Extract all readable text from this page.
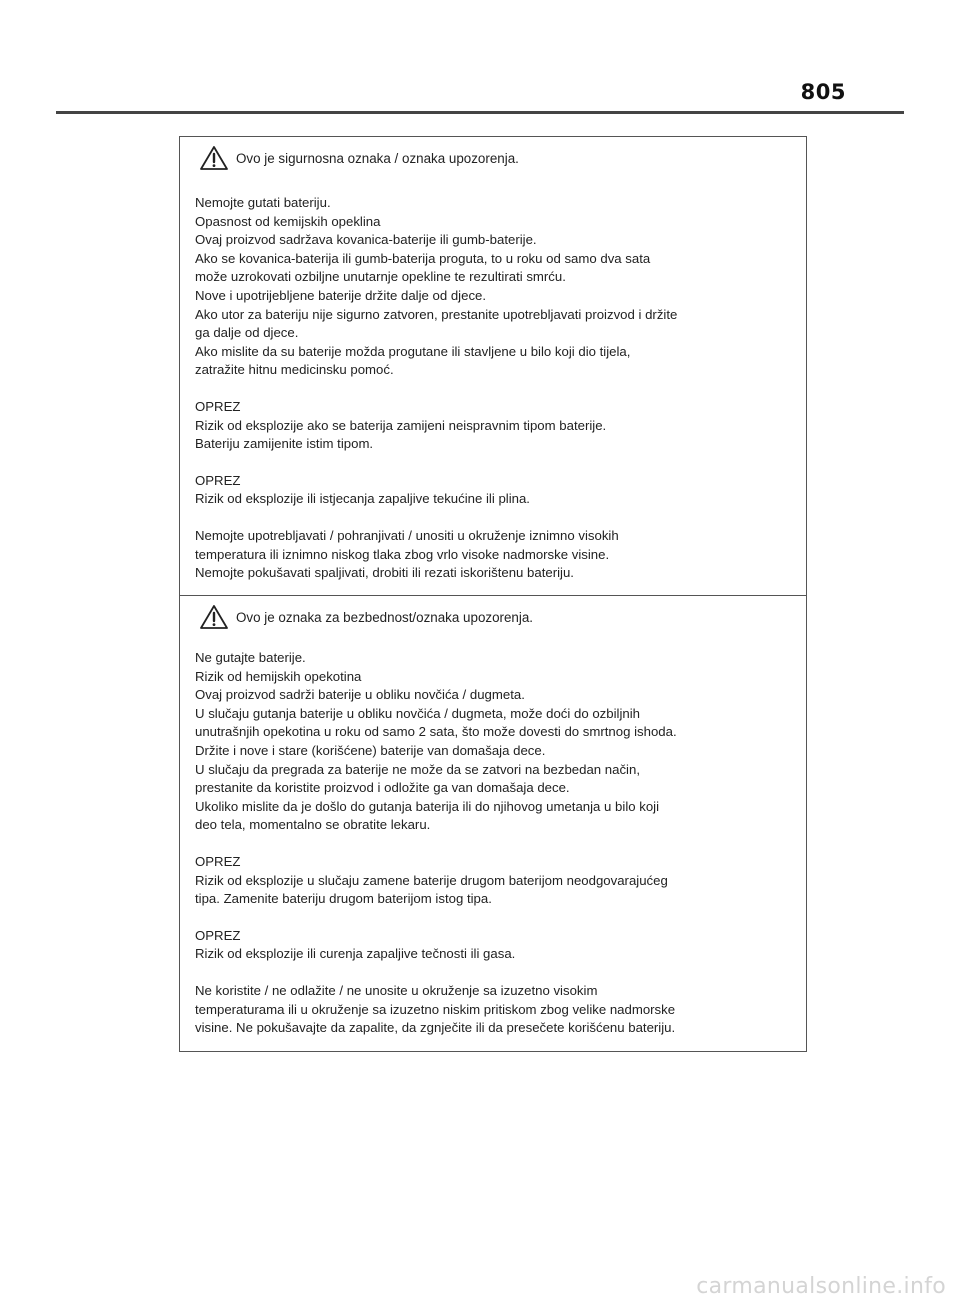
805
Ovo je sigurnosna oznaka / oznaka upozorenja.
Nemojte gutati bateriju.
Opasnost od kemijskih opeklina
Ovaj proizvod sadržava kovanica-baterije ili gumb-baterije.
Ako se kovanica-baterija ili gumb-baterija proguta, to u roku od samo dva sata
može uzrokovati ozbiljne unutarnje opekline te rezultirati smrću.
Nove i upotrijebljene baterije držite dalje od djece.
Ako utor za bateriju nije sigurno zatvoren, prestanite upotrebljavati proizvod i držite
ga dalje od djece.
Ako mislite da su baterije možda progutane ili stavljene u bilo koji dio tijela,
zatražite hitnu medicinsku pomoć.
OPREZ
Rizik od eksplozije ako se baterija zamijeni neispravnim tipom baterije.
Bateriju zamijenite istim tipom.
OPREZ
Rizik od eksplozije ili istjecanja zapaljive tekućine ili plina.
Nemojte upotrebljavati / pohranjivati / unositi u okruženje iznimno visokih
temperatura ili iznimno niskog tlaka zbog vrlo visoke nadmorske visine.
Nemojte pokušavati spaljivati, drobiti ili rezati iskorištenu bateriju.
Ovo je oznaka za bezbednost/oznaka upozorenja.
Ne gutajte baterije.
Rizik od hemijskih opekotina
Ovaj proizvod sadrži baterije u obliku novčića / dugmeta.
U slučaju gutanja baterije u obliku novčića / dugmeta, može doći do ozbiljnih
unutrašnjih opekotina u roku od samo 2 sata, što može dovesti do smrtnog ishoda.
Držite i nove i stare (korišćene) baterije van domašaja dece.
U slučaju da pregrada za baterije ne može da se zatvori na bezbedan način,
prestanite da koristite proizvod i odložite ga van domašaja dece.
Ukoliko mislite da je došlo do gutanja baterija ili do njihovog umetanja u bilo koji
deo tela, momentalno se obratite lekaru.
OPREZ
Rizik od eksplozije u slučaju zamene baterije drugom baterijom neodgovarajućeg
tipa. Zamenite bateriju drugom baterijom istog tipa.
OPREZ
Rizik od eksplozije ili curenja zapaljive tečnosti ili gasa.
Ne koristite / ne odlažite / ne unosite u okruženje sa izuzetno visokim
temperaturama ili u okruženje sa izuzetno niskim pritiskom zbog velike nadmorske
visine. Ne pokušavajte da zapalite, da zgnječite ili da presečete korišćenu bateriju.
carmanualsonline.info
